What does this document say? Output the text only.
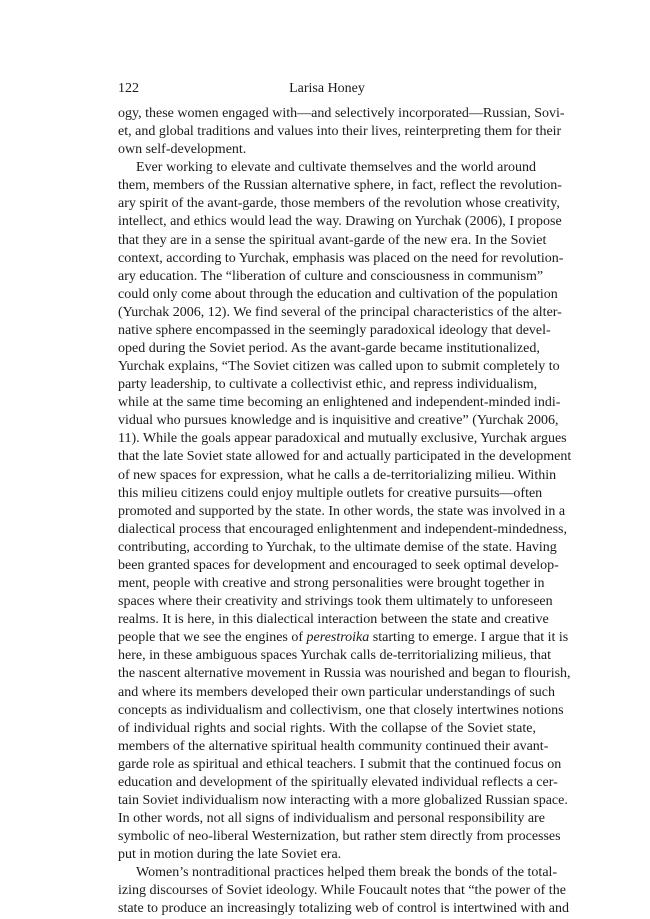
122	Larisa Honey
ogy, these women engaged with—and selectively incorporated—Russian, Sovi-
et, and global traditions and values into their lives, reinterpreting them for their
own self-development.
Ever working to elevate and cultivate themselves and the world around
them, members of the Russian alternative sphere, in fact, reflect the revolution-
ary spirit of the avant-garde, those members of the revolution whose creativity,
intellect, and ethics would lead the way. Drawing on Yurchak (2006), I propose
that they are in a sense the spiritual avant-garde of the new era. In the Soviet
context, according to Yurchak, emphasis was placed on the need for revolution-
ary education. The “liberation of culture and consciousness in communism”
could only come about through the education and cultivation of the population
(Yurchak 2006, 12). We find several of the principal characteristics of the alter-
native sphere encompassed in the seemingly paradoxical ideology that devel-
oped during the Soviet period. As the avant-garde became institutionalized,
Yurchak explains, “The Soviet citizen was called upon to submit completely to
party leadership, to cultivate a collectivist ethic, and repress individualism,
while at the same time becoming an enlightened and independent-minded indi-
vidual who pursues knowledge and is inquisitive and creative” (Yurchak 2006,
11). While the goals appear paradoxical and mutually exclusive, Yurchak argues
that the late Soviet state allowed for and actually participated in the development
of new spaces for expression, what he calls a de-territorializing milieu. Within
this milieu citizens could enjoy multiple outlets for creative pursuits—often
promoted and supported by the state. In other words, the state was involved in a
dialectical process that encouraged enlightenment and independent-mindedness,
contributing, according to Yurchak, to the ultimate demise of the state. Having
been granted spaces for development and encouraged to seek optimal develop-
ment, people with creative and strong personalities were brought together in
spaces where their creativity and strivings took them ultimately to unforeseen
realms. It is here, in this dialectical interaction between the state and creative
people that we see the engines of perestroika starting to emerge. I argue that it is
here, in these ambiguous spaces Yurchak calls de-territorializing milieus, that
the nascent alternative movement in Russia was nourished and began to flourish,
and where its members developed their own particular understandings of such
concepts as individualism and collectivism, one that closely intertwines notions
of individual rights and social rights. With the collapse of the Soviet state,
members of the alternative spiritual health community continued their avant-
garde role as spiritual and ethical teachers. I submit that the continued focus on
education and development of the spiritually elevated individual reflects a cer-
tain Soviet individualism now interacting with a more globalized Russian space.
In other words, not all signs of individualism and personal responsibility are
symbolic of neo-liberal Westernization, but rather stem directly from processes
put in motion during the late Soviet era.
Women’s nontraditional practices helped them break the bonds of the total-
izing discourses of Soviet ideology. While Foucault notes that “the power of the
state to produce an increasingly totalizing web of control is intertwined with and
